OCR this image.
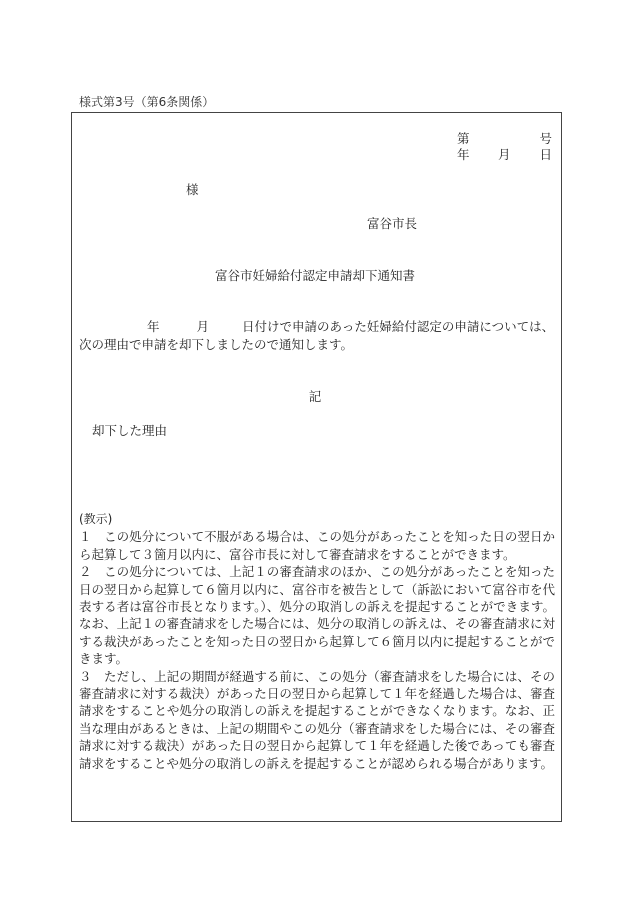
様式第3号（第6条関係）
第	号
年 月 日
様
富谷市長
富谷市妊婦給付認定申請却下通知書
年	月	日付けで申請のあった妊婦給付認定の申請については、
次の理由で申請を却下しましたので通知します。
記
却下した理由

(教示)

１　この処分について不服がある場合は、この処分があったことを知った日の翌日から起算して３箇月以内に、富谷市長に対して審査請求をすることができます。

２　この処分については、上記１の審査請求のほか、この処分があったことを知った日の翌日から起算して６箇月以内に、富谷市を被告として（訴訟において富谷市を代表する者は富谷市長となります。）、処分の取消しの訴えを提起することができます。なお、上記１の審査請求をした場合には、処分の取消しの訴えは、その審査請求に対する裁決があったことを知った日の翌日から起算して６箇月以内に提起することができます。

３　ただし、上記の期間が経過する前に、この処分（審査請求をした場合には、その審査請求に対する裁決）があった日の翌日から起算して１年を経過した場合は、審査請求をすることや処分の取消しの訴えを提起することができなくなります。なお、正当な理由があるときは、上記の期間やこの処分（審査請求をした場合には、その審査請求に対する裁決）があった日の翌日から起算して１年を経過した後であっても審査請求をすることや処分の取消しの訴えを提起することが認められる場合があります。
